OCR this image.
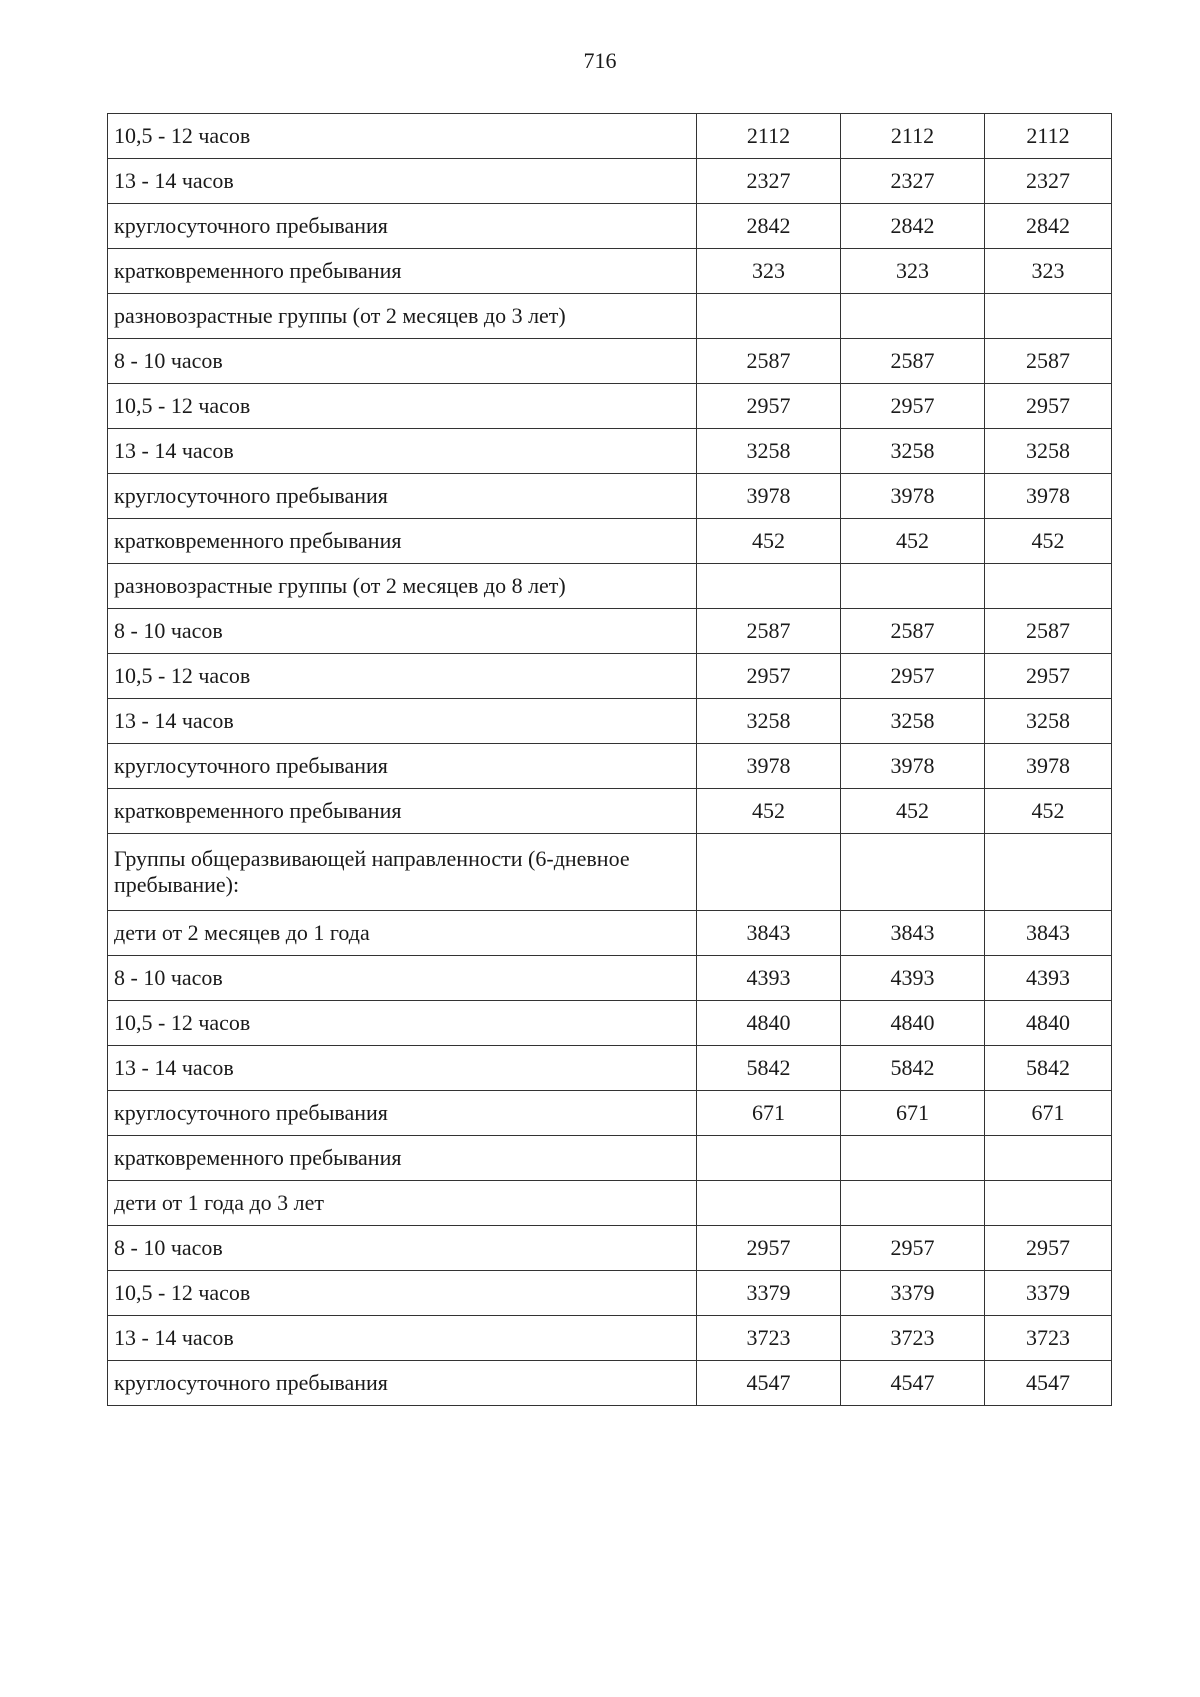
716
10,5 - 12 часов	2112	2112	2112
13 - 14 часов	2327	2327	2327
круглосуточного пребывания	2842	2842	2842
кратковременного пребывания	323	323	323
разновозрастные группы (от 2 месяцев до 3 лет)			
8 - 10 часов	2587	2587	2587
10,5 - 12 часов	2957	2957	2957
13 - 14 часов	3258	3258	3258
круглосуточного пребывания	3978	3978	3978
кратковременного пребывания	452	452	452
разновозрастные группы (от 2 месяцев до 8 лет)			
8 - 10 часов	2587	2587	2587
10,5 - 12 часов	2957	2957	2957
13 - 14 часов	3258	3258	3258
круглосуточного пребывания	3978	3978	3978
кратковременного пребывания	452	452	452
Группы общеразвивающей направленности (6-дневное пребывание):			
дети от 2 месяцев до 1 года	3843	3843	3843
8 - 10 часов	4393	4393	4393
10,5 - 12 часов	4840	4840	4840
13 - 14 часов	5842	5842	5842
круглосуточного пребывания	671	671	671
кратковременного пребывания			
дети от 1 года до 3 лет			
8 - 10 часов	2957	2957	2957
10,5 - 12 часов	3379	3379	3379
13 - 14 часов	3723	3723	3723
круглосуточного пребывания	4547	4547	4547
